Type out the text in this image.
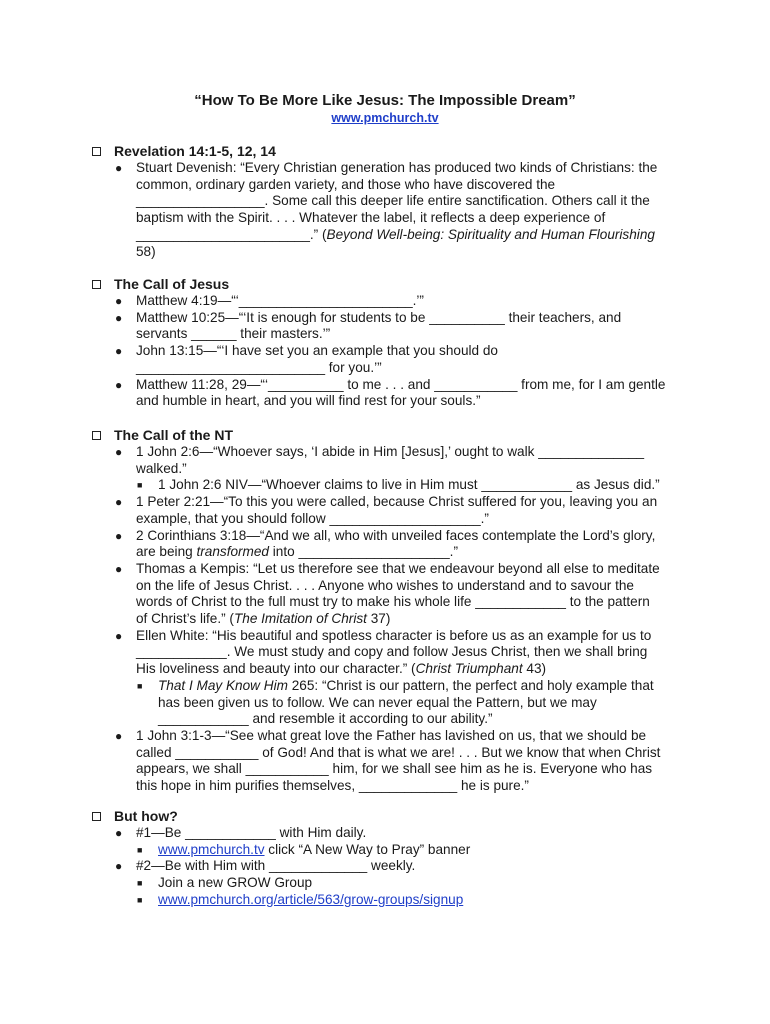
“How To Be More Like Jesus: The Impossible Dream”
www.pmchurch.tv
Revelation 14:1-5, 12, 14
● Stuart Devenish: “Every Christian generation has produced two kinds of Christians: the
common, ordinary garden variety, and those who have discovered the
_________________. Some call this deeper life entire sanctification. Others call it the
baptism with the Spirit. . . . Whatever the label, it reflects a deep experience of
_______________________.” (Beyond Well-being: Spirituality and Human Flourishing
58)
The Call of Jesus
● Matthew 4:19—“‘_______________________.’”
● Matthew 10:25—“‘It is enough for students to be __________ their teachers, and
servants ______ their masters.’”
● John 13:15—“‘I have set you an example that you should do
_________________________ for you.’”
● Matthew 11:28, 29—“‘__________ to me . . . and ___________ from me, for I am gentle
and humble in heart, and you will find rest for your souls.”
The Call of the NT
● 1 John 2:6—“Whoever says, ‘I abide in Him [Jesus],’ ought to walk ______________
walked.”
■ 1 John 2:6 NIV—“Whoever claims to live in Him must ____________ as Jesus did.”
● 1 Peter 2:21—“To this you were called, because Christ suffered for you, leaving you an
example, that you should follow ____________________.”
● 2 Corinthians 3:18—“And we all, who with unveiled faces contemplate the Lord’s glory,
are being transformed into ____________________.”
● Thomas a Kempis: “Let us therefore see that we endeavour beyond all else to meditate
on the life of Jesus Christ. . . . Anyone who wishes to understand and to savour the
words of Christ to the full must try to make his whole life ____________ to the pattern
of Christ’s life.” (The Imitation of Christ 37)
● Ellen White: “His beautiful and spotless character is before us as an example for us to
____________. We must study and copy and follow Jesus Christ, then we shall bring
His loveliness and beauty into our character.” (Christ Triumphant 43)
■ That I May Know Him 265: “Christ is our pattern, the perfect and holy example that
has been given us to follow. We can never equal the Pattern, but we may
____________ and resemble it according to our ability.”
● 1 John 3:1-3—“See what great love the Father has lavished on us, that we should be
called ___________ of God! And that is what we are! . . . But we know that when Christ
appears, we shall ___________ him, for we shall see him as he is. Everyone who has
this hope in him purifies themselves, _____________ he is pure.”
But how?
● #1—Be ____________ with Him daily.
■ www.pmchurch.tv click “A New Way to Pray” banner
● #2—Be with Him with _____________ weekly.
■ Join a new GROW Group
■ www.pmchurch.org/article/563/grow-groups/signup
